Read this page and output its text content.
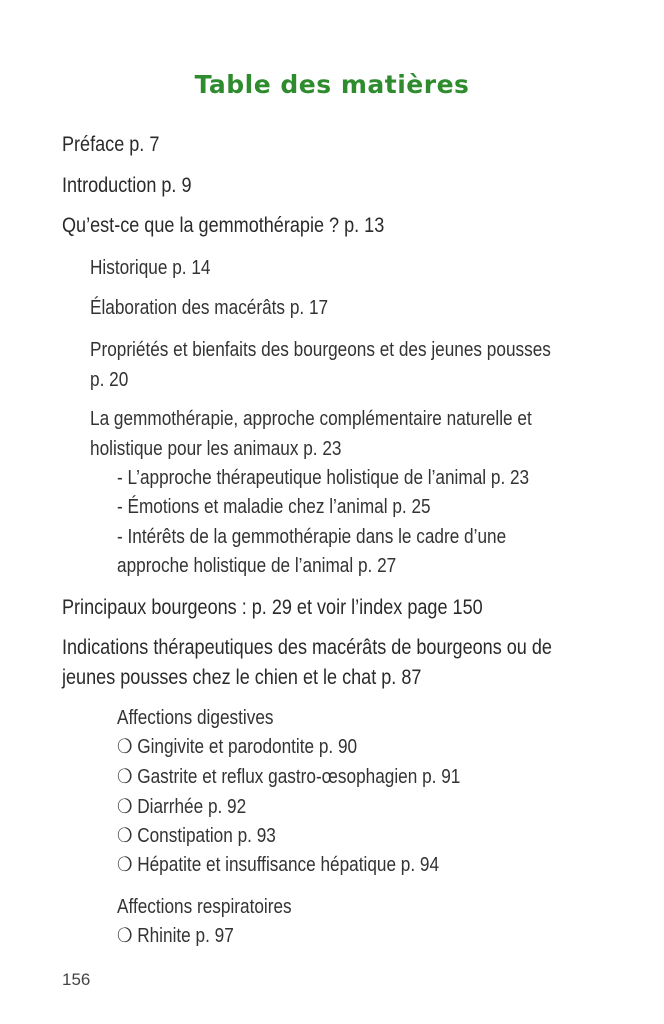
Table des matières
Préface p. 7
Introduction p. 9
Qu’est-ce que la gemmothérapie ? p. 13
Historique p. 14
Élaboration des macérâts p. 17
Propriétés et bienfaits des bourgeons et des jeunes pousses
p. 20
La gemmothérapie, approche complémentaire naturelle et
holistique pour les animaux p. 23
- L’approche thérapeutique holistique de l’animal p. 23
- Émotions et maladie chez l’animal p. 25
- Intérêts de la gemmothérapie dans le cadre d’une
approche holistique de l’animal p. 27
Principaux bourgeons : p. 29 et voir l’index page 150
Indications thérapeutiques des macérâts de bourgeons ou de
jeunes pousses chez le chien et le chat p. 87
Affections digestives
❍ Gingivite et parodontite p. 90
❍ Gastrite et reflux gastro-œsophagien p. 91
❍ Diarrhée p. 92
❍ Constipation p. 93
❍ Hépatite et insuffisance hépatique p. 94
Affections respiratoires
❍ Rhinite p. 97
156
